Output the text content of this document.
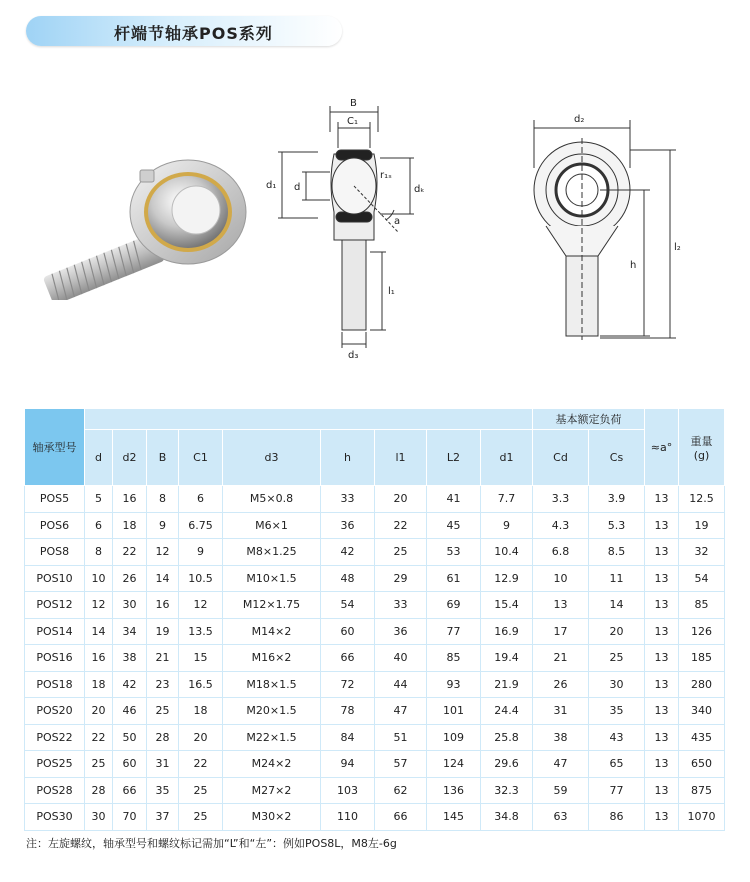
杆端节轴承POS系列
B
C₁
d₁ d
r₁ₛ
dₖ
a
l₁
d₃
d₂
h
l₂
轴承型号										基本额定负荷		≈a°	重量
(g)
	d	d2	B	C1	d3	h	l1	L2	d1	Cd	Cs		
POS5	5	16	8	6	M5×0.8	33	20	41	7.7	3.3	3.9	13	12.5
POS6	6	18	9	6.75	M6×1	36	22	45	9	4.3	5.3	13	19
POS8	8	22	12	9	M8×1.25	42	25	53	10.4	6.8	8.5	13	32
POS10	10	26	14	10.5	M10×1.5	48	29	61	12.9	10	11	13	54
POS12	12	30	16	12	M12×1.75	54	33	69	15.4	13	14	13	85
POS14	14	34	19	13.5	M14×2	60	36	77	16.9	17	20	13	126
POS16	16	38	21	15	M16×2	66	40	85	19.4	21	25	13	185
POS18	18	42	23	16.5	M18×1.5	72	44	93	21.9	26	30	13	280
POS20	20	46	25	18	M20×1.5	78	47	101	24.4	31	35	13	340
POS22	22	50	28	20	M22×1.5	84	51	109	25.8	38	43	13	435
POS25	25	60	31	22	M24×2	94	57	124	29.6	47	65	13	650
POS28	28	66	35	25	M27×2	103	62	136	32.3	59	77	13	875
POS30	30	70	37	25	M30×2	110	66	145	34.8	63	86	13	1070
注：左旋螺纹，轴承型号和螺纹标记需加“L”和“左”：例如POS8L，M8左-6g
